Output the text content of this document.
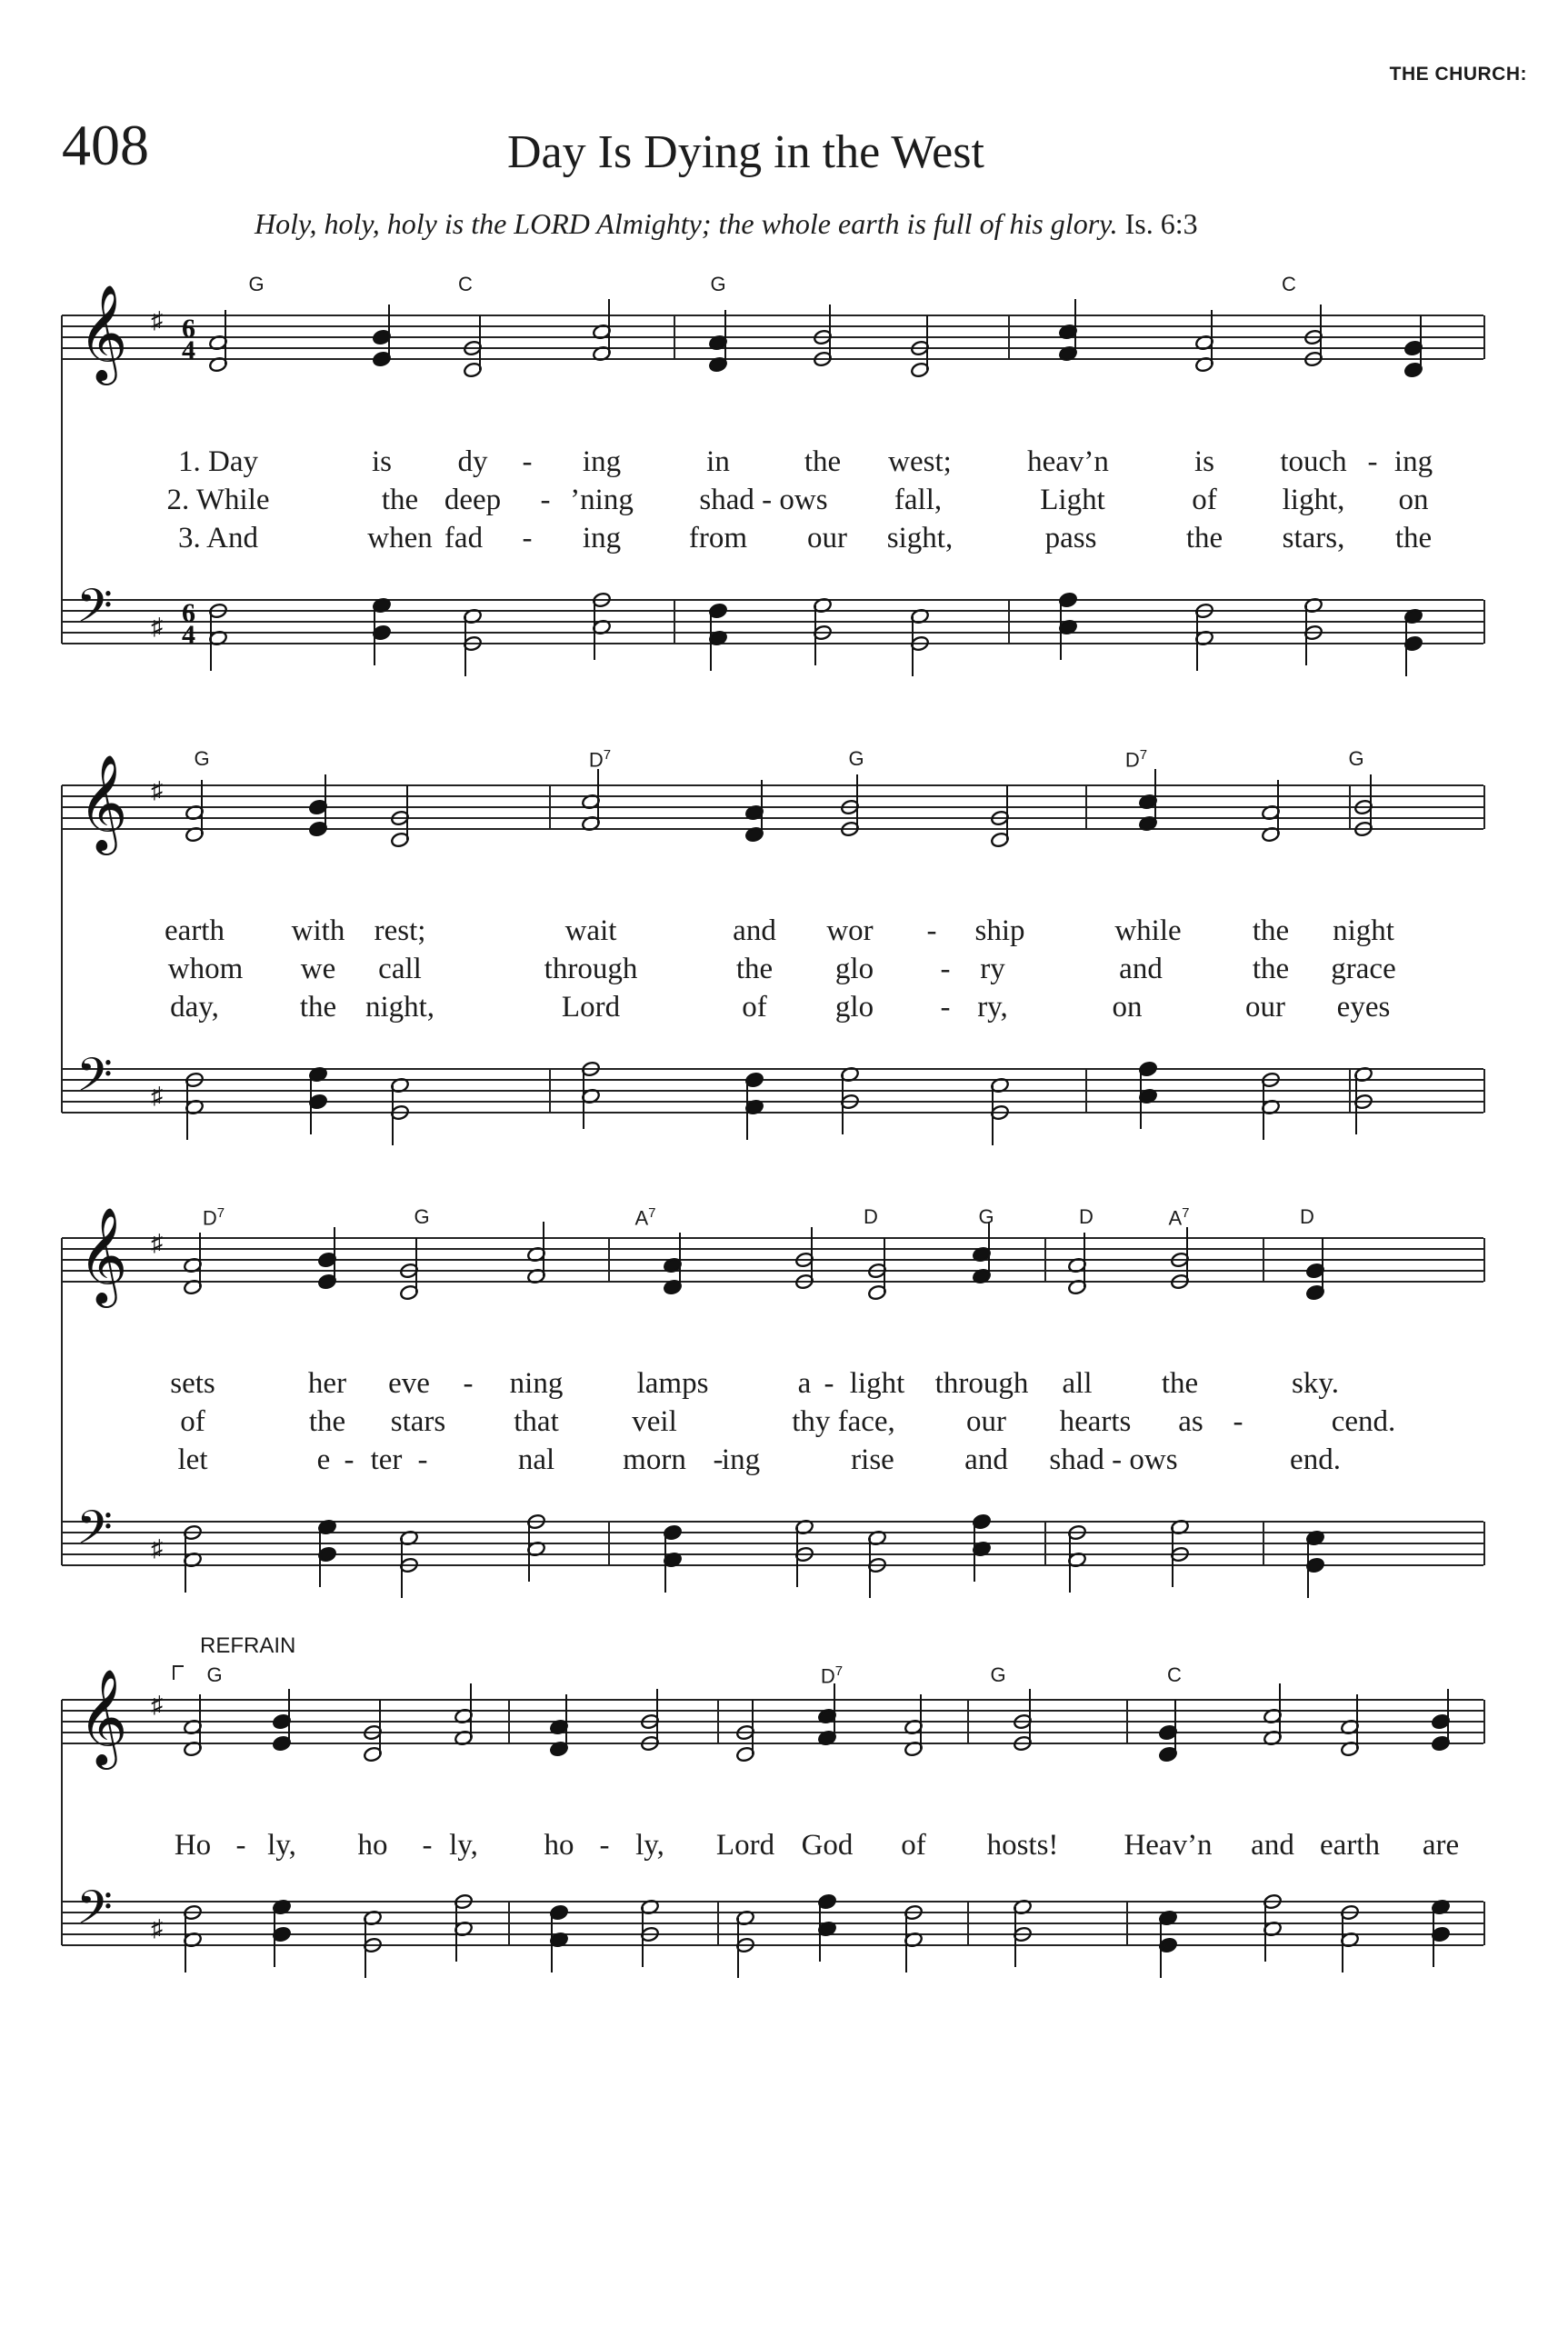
THE CHURCH:
408	Day Is Dying in the West
Holy, holy, holy is the LORD Almighty; the whole earth is full of his glory. Is. 6:3
𝄞 ♯
𝄢 ♯
6
4
6
4
G	C	G	C
1. Day	is dy - ing	in the west;	heav’n	is touch - ing
2. While	the deep - ’ning shad - ows fall,	Light	of light, on
3. And	when fad - ing from our sight,	pass	the stars, the
𝄞 ♯
𝄢 ♯
G	$D^7$	G	$D^7$	G
earth with rest;	wait	and wor - ship	while the night
whom we call	through	the glo - ry	and	the grace
day,	the night,	Lord	of glo - ry,	on	our eyes
𝄞 ♯
𝄢 ♯
$D^7$	G	$A^7$	D	G	D	$A^7$	D
sets	her eve - ning lamps	a - light through all the	sky.
of	the stars that veil	thy face, our hearts as -	cend.
let	e - ter -	nal morn -
ing	rise and shad - ows	end.
𝄞 ♯
𝄢 ♯
G	$D^7$	G	C
Ho - ly, ho - ly, ho - ly, Lord God of hosts! Heav’n and earth are
REFRAIN
